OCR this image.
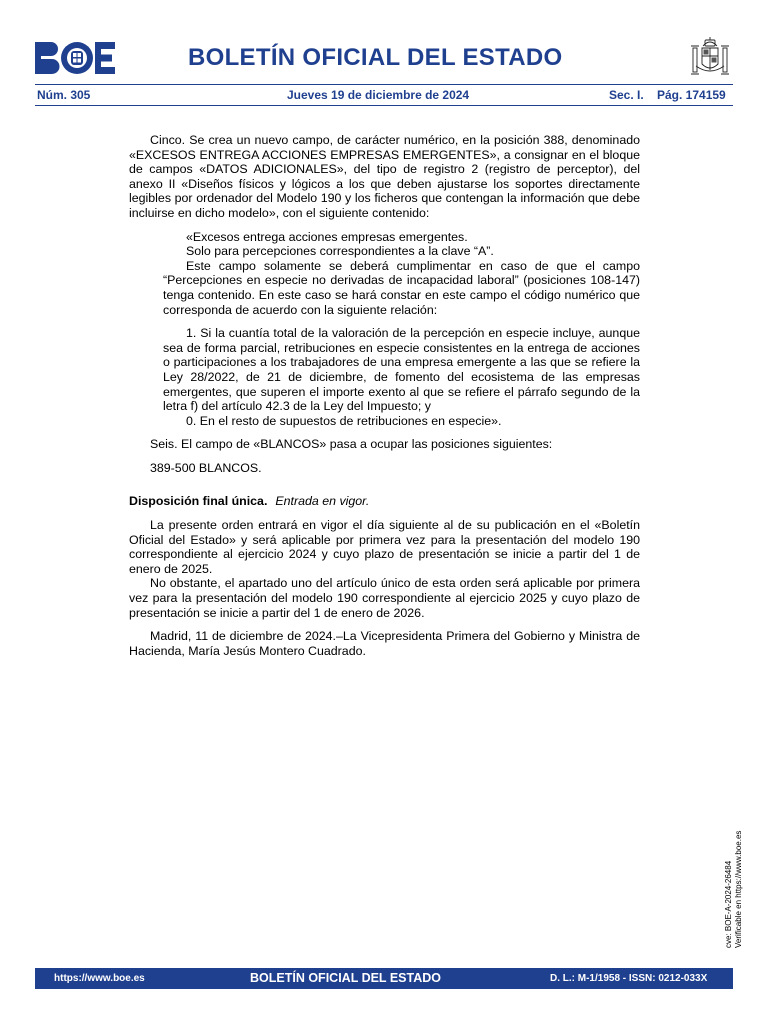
BOLETÍN OFICIAL DEL ESTADO
Núm. 305	Jueves 19 de diciembre de 2024	Sec. I. Pág. 174159

Cinco. Se crea un nuevo campo, de carácter numérico, en la posición 388, denominado «EXCESOS ENTREGA ACCIONES EMPRESAS EMERGENTES», a consignar en el bloque de campos «DATOS ADICIONALES», del tipo de registro 2 (registro de perceptor), del anexo II «Diseños físicos y lógicos a los que deben ajustarse los soportes directamente legibles por ordenador del Modelo 190 y los ficheros que contengan la información que debe incluirse en dicho modelo», con el siguiente contenido:

«Excesos entrega acciones empresas emergentes.

Solo para percepciones correspondientes a la clave “A”.

Este campo solamente se deberá cumplimentar en caso de que el campo “Percepciones en especie no derivadas de incapacidad laboral” (posiciones 108-147) tenga contenido. En este caso se hará constar en este campo el código numérico que corresponda de acuerdo con la siguiente relación:

1. Si la cuantía total de la valoración de la percepción en especie incluye, aunque sea de forma parcial, retribuciones en especie consistentes en la entrega de acciones o participaciones a los trabajadores de una empresa emergente a las que se refiere la Ley 28/2022, de 21 de diciembre, de fomento del ecosistema de las empresas emergentes, que superen el importe exento al que se refiere el párrafo segundo de la letra f) del artículo 42.3 de la Ley del Impuesto; y

0. En el resto de supuestos de retribuciones en especie».

Seis. El campo de «BLANCOS» pasa a ocupar las posiciones siguientes:

389-500 BLANCOS.

Disposición final única. Entrada en vigor.

La presente orden entrará en vigor el día siguiente al de su publicación en el «Boletín Oficial del Estado» y será aplicable por primera vez para la presentación del modelo 190 correspondiente al ejercicio 2024 y cuyo plazo de presentación se inicie a partir del 1 de enero de 2025.

No obstante, el apartado uno del artículo único de esta orden será aplicable por primera vez para la presentación del modelo 190 correspondiente al ejercicio 2025 y cuyo plazo de presentación se inicie a partir del 1 de enero de 2026.

Madrid, 11 de diciembre de 2024.–La Vicepresidenta Primera del Gobierno y Ministra de Hacienda, María Jesús Montero Cuadrado.

cve: BOE-A-2024-26484 Verificable en https://www.boe.es
https://www.boe.es	BOLETÍN OFICIAL DEL ESTADO	D. L.: M-1/1958 - ISSN: 0212-033X
